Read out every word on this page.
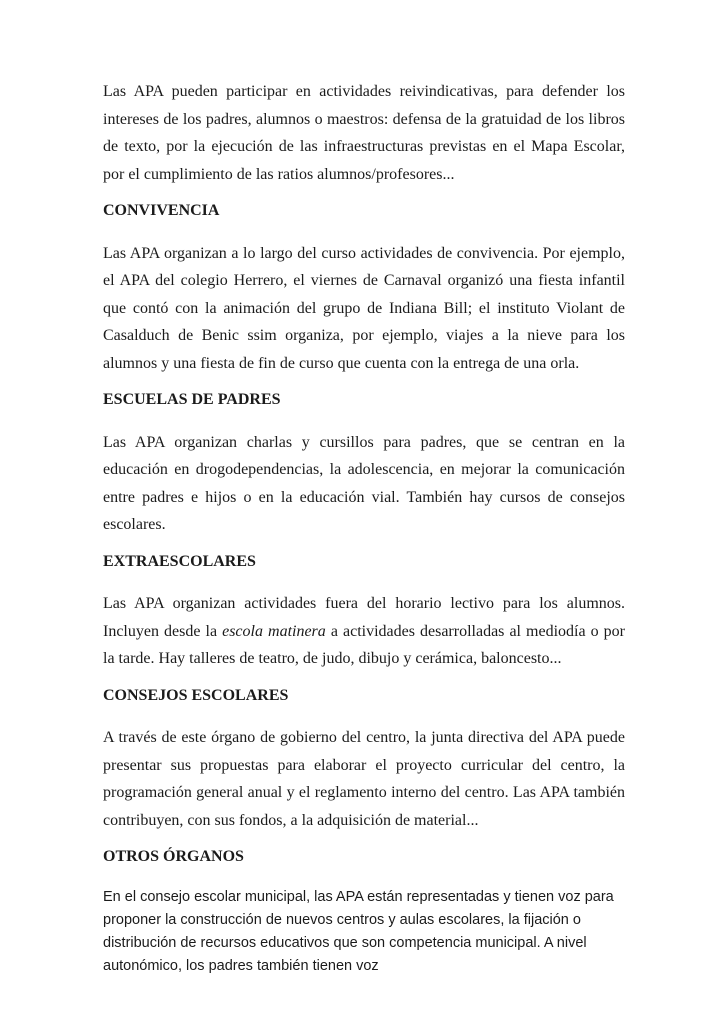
Las APA pueden participar en actividades reivindicativas, para defender los intereses de los padres, alumnos o maestros: defensa de la gratuidad de los libros de texto, por la ejecución de las infraestructuras previstas en el Mapa Escolar, por el cumplimiento de las ratios alumnos/profesores...

CONVIVENCIA

Las APA organizan a lo largo del curso actividades de convivencia. Por ejemplo, el APA del colegio Herrero, el viernes de Carnaval organizó una fiesta infantil que contó con la animación del grupo de Indiana Bill; el instituto Violant de Casalduch de Benic ssim organiza, por ejemplo, viajes a la nieve para los alumnos y una fiesta de fin de curso que cuenta con la entrega de una orla.

ESCUELAS DE PADRES

Las APA organizan charlas y cursillos para padres, que se centran en la educación en drogodependencias, la adolescencia, en mejorar la comunicación entre padres e hijos o en la educación vial. También hay cursos de consejos escolares.

EXTRAESCOLARES

Las APA organizan actividades fuera del horario lectivo para los alumnos. Incluyen desde la escola matinera a actividades desarrolladas al mediodía o por la tarde. Hay talleres de teatro, de judo, dibujo y cerámica, baloncesto...

CONSEJOS ESCOLARES

A través de este órgano de gobierno del centro, la junta directiva del APA puede presentar sus propuestas para elaborar el proyecto curricular del centro, la programación general anual y el reglamento interno del centro. Las APA también contribuyen, con sus fondos, a la adquisición de material...

OTROS ÓRGANOS

En el consejo escolar municipal, las APA están representadas y tienen voz para proponer la construcción de nuevos centros y aulas escolares, la fijación o distribución de recursos educativos que son competencia municipal. A nivel autonómico, los padres también tienen voz
